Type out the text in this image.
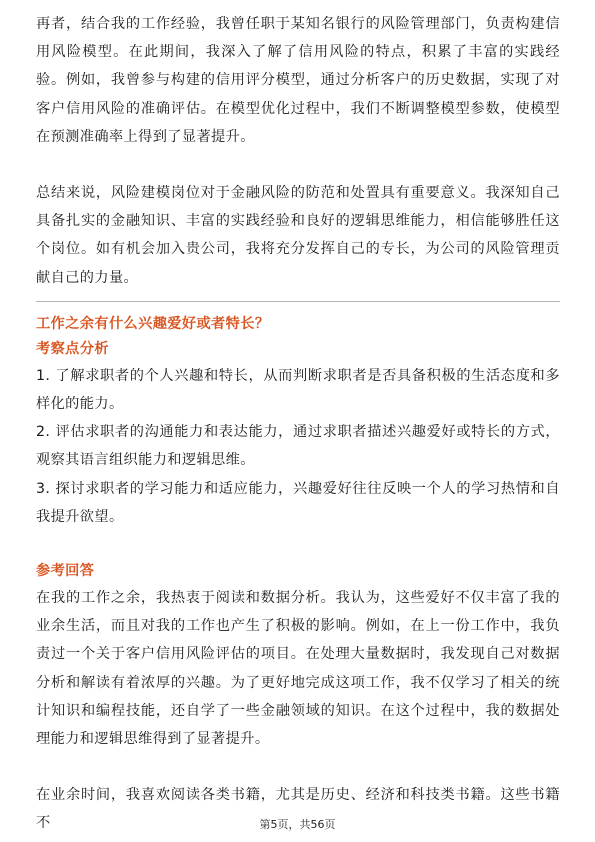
再者，结合我的工作经验，我曾任职于某知名银行的风险管理部门，负责构建信用风险模型。在此期间，我深入了解了信用风险的特点，积累了丰富的实践经验。例如，我曾参与构建的信用评分模型，通过分析客户的历史数据，实现了对客户信用风险的准确评估。在模型优化过程中，我们不断调整模型参数，使模型在预测准确率上得到了显著提升。

总结来说，风险建模岗位对于金融风险的防范和处置具有重要意义。我深知自己具备扎实的金融知识、丰富的实践经验和良好的逻辑思维能力，相信能够胜任这个岗位。如有机会加入贵公司，我将充分发挥自己的专长，为公司的风险管理贡献自己的力量。

工作之余有什么兴趣爱好或者特长？

考察点分析

1. 了解求职者的个人兴趣和特长，从而判断求职者是否具备积极的生活态度和多样化的能力。

2. 评估求职者的沟通能力和表达能力，通过求职者描述兴趣爱好或特长的方式，观察其语言组织能力和逻辑思维。

3. 探讨求职者的学习能力和适应能力，兴趣爱好往往反映一个人的学习热情和自我提升欲望。

参考回答

在我的工作之余，我热衷于阅读和数据分析。我认为，这些爱好不仅丰富了我的业余生活，而且对我的工作也产生了积极的影响。例如，在上一份工作中，我负责过一个关于客户信用风险评估的项目。在处理大量数据时，我发现自己对数据分析和解读有着浓厚的兴趣。为了更好地完成这项工作，我不仅学习了相关的统计知识和编程技能，还自学了一些金融领域的知识。在这个过程中，我的数据处理能力和逻辑思维得到了显著提升。

在业余时间，我喜欢阅读各类书籍，尤其是历史、经济和科技类书籍。这些书籍不	第5页，共56页
